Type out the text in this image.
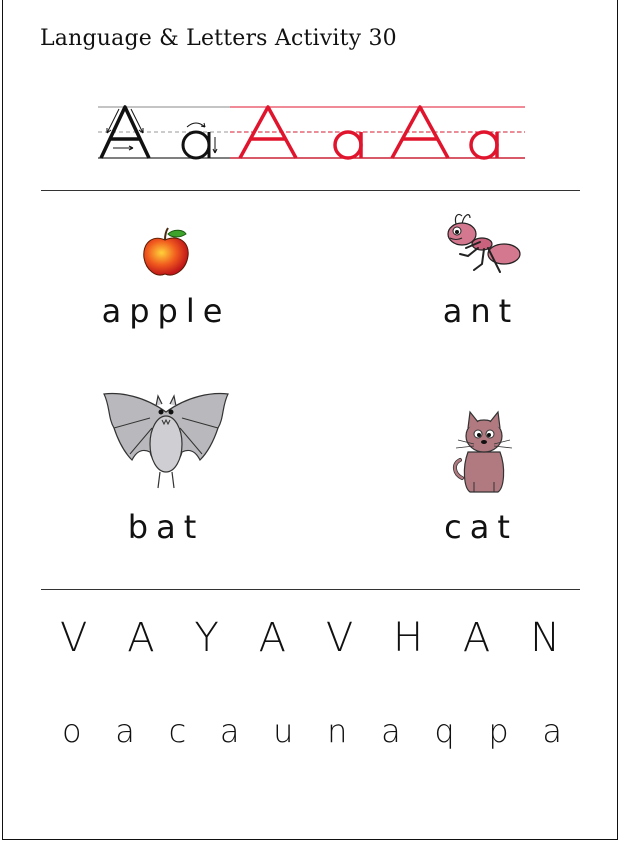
Language & Letters Activity 30
apple	ant
bat	cat
V A Y A V H A N
o a c a u n a q p a
